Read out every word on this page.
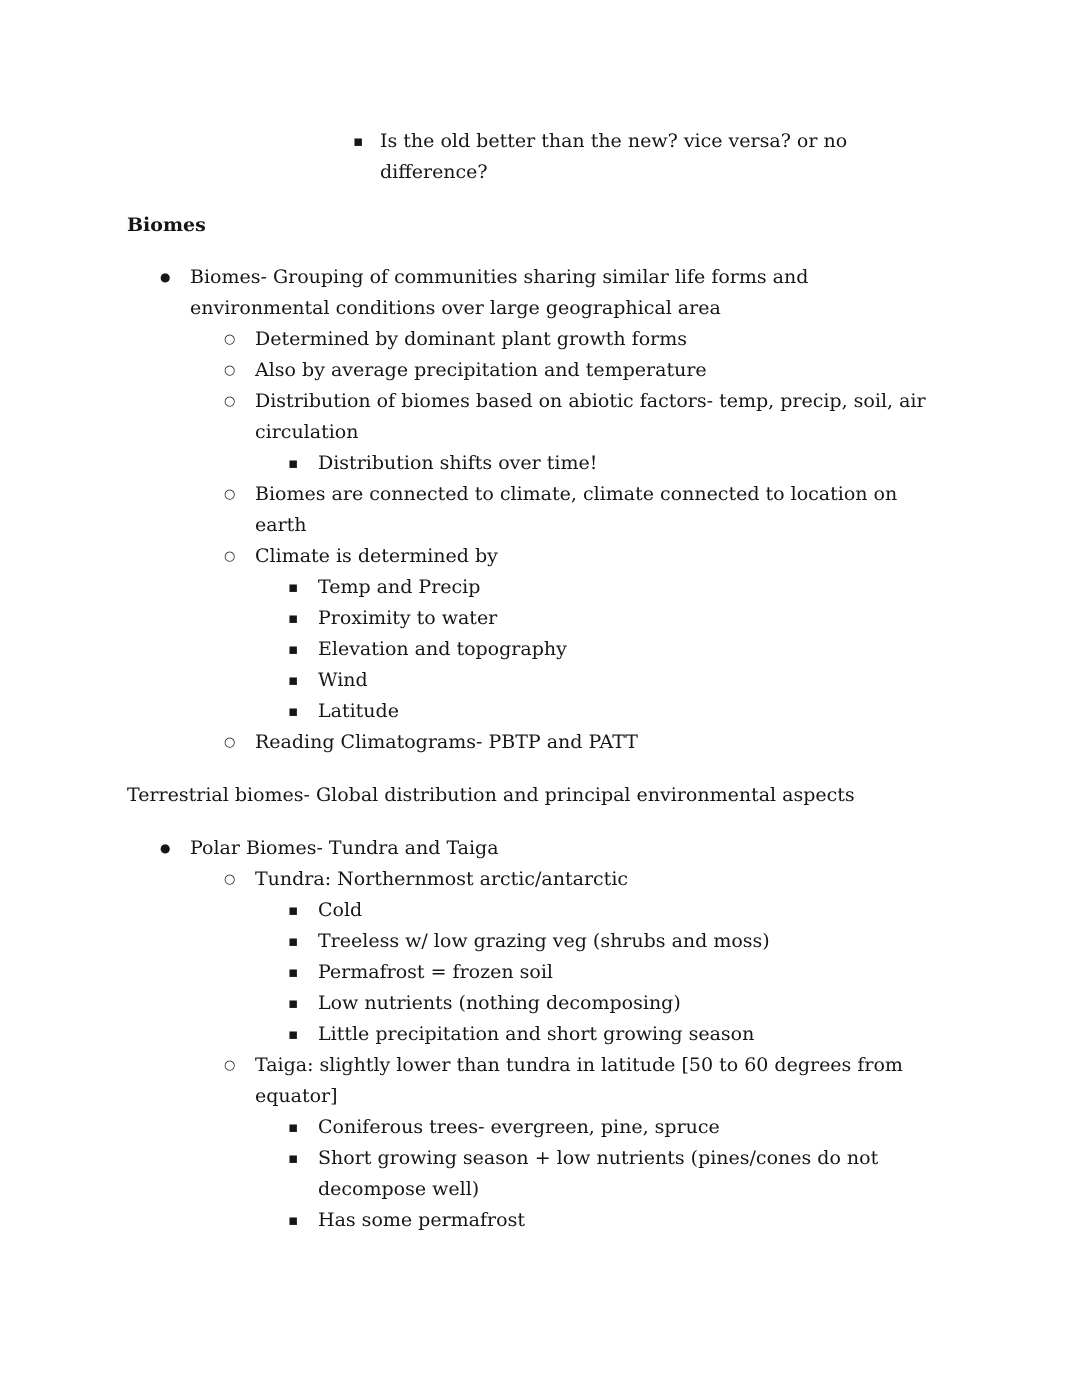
▪ Is the old better than the new? vice versa? or no difference?

Biomes

● Biomes- Grouping of communities sharing similar life forms and environmental conditions over large geographical area
○ Determined by dominant plant growth forms
○ Also by average precipitation and temperature
○ Distribution of biomes based on abiotic factors- temp, precip, soil, air circulation
▪ Distribution shifts over time!
○ Biomes are connected to climate, climate connected to location on earth
○ Climate is determined by
▪ Temp and Precip
▪ Proximity to water
▪ Elevation and topography
▪ Wind
▪ Latitude
○ Reading Climatograms- PBTP and PATT

Terrestrial biomes- Global distribution and principal environmental aspects

● Polar Biomes- Tundra and Taiga
○ Tundra: Northernmost arctic/antarctic
▪ Cold
▪ Treeless w/ low grazing veg (shrubs and moss)
▪ Permafrost = frozen soil
▪ Low nutrients (nothing decomposing)
▪ Little precipitation and short growing season
○ Taiga: slightly lower than tundra in latitude [50 to 60 degrees from equator]
▪ Coniferous trees- evergreen, pine, spruce
▪ Short growing season + low nutrients (pines/cones do not decompose well)
▪ Has some permafrost
